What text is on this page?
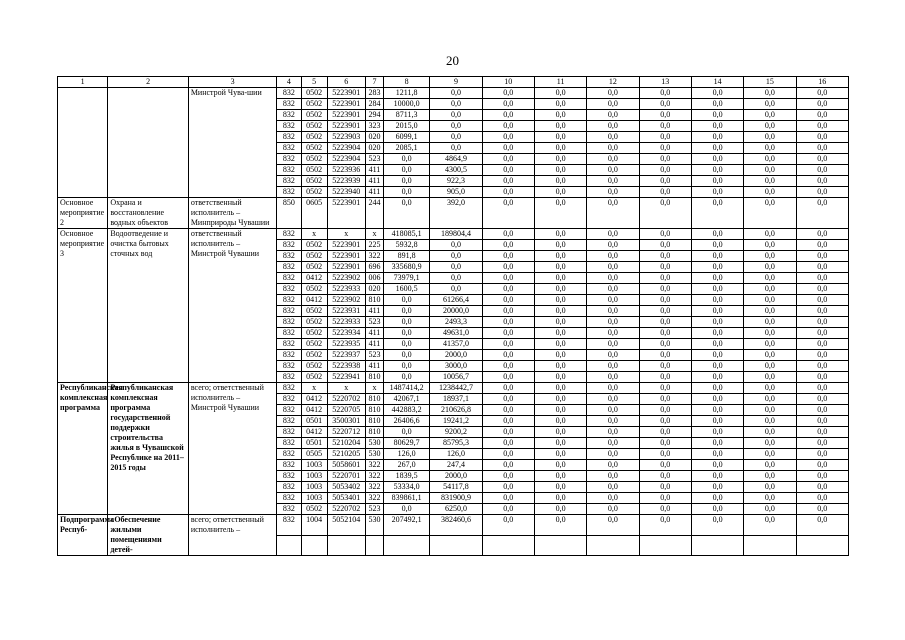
20
1	2	3	4	5	6	7	8	9	10	11	12	13	14	15	16
		Минстрой Чува-шии	832	0502	5223901	283	1211,8	0,0	0,0	0,0	0,0	0,0	0,0	0,0	0,0
			832	0502	5223901	284	10000,0	0,0	0,0	0,0	0,0	0,0	0,0	0,0	0,0
			832	0502	5223901	294	8711,3	0,0	0,0	0,0	0,0	0,0	0,0	0,0	0,0
			832	0502	5223901	323	2015,0	0,0	0,0	0,0	0,0	0,0	0,0	0,0	0,0
			832	0502	5223903	020	6099,1	0,0	0,0	0,0	0,0	0,0	0,0	0,0	0,0
			832	0502	5223904	020	2085,1	0,0	0,0	0,0	0,0	0,0	0,0	0,0	0,0
			832	0502	5223904	523	0,0	4864,9	0,0	0,0	0,0	0,0	0,0	0,0	0,0
			832	0502	5223936	411	0,0	4300,5	0,0	0,0	0,0	0,0	0,0	0,0	0,0
			832	0502	5223939	411	0,0	922,3	0,0	0,0	0,0	0,0	0,0	0,0	0,0
			832	0502	5223940	411	0,0	905,0	0,0	0,0	0,0	0,0	0,0	0,0	0,0
Основное мероприятие 2	Охрана и восстановление водных объектов	ответственный исполнитель – Минприроды Чувашии	850	0605	5223901	244	0,0	392,0	0,0	0,0	0,0	0,0	0,0	0,0	0,0
Основное мероприятие 3	Водоотведение и очистка бытовых сточных вод	ответственный исполнитель – Минстрой Чувашии	832	x	x	x	418085,1	189804,4	0,0	0,0	0,0	0,0	0,0	0,0	0,0
			832	0502	5223901	225	5932,8	0,0	0,0	0,0	0,0	0,0	0,0	0,0	0,0
			832	0502	5223901	322	891,8	0,0	0,0	0,0	0,0	0,0	0,0	0,0	0,0
			832	0502	5223901	696	335680,9	0,0	0,0	0,0	0,0	0,0	0,0	0,0	0,0
			832	0412	5223902	006	73979,1	0,0	0,0	0,0	0,0	0,0	0,0	0,0	0,0
			832	0502	5223933	020	1600,5	0,0	0,0	0,0	0,0	0,0	0,0	0,0	0,0
			832	0412	5223902	810	0,0	61266,4	0,0	0,0	0,0	0,0	0,0	0,0	0,0
			832	0502	5223931	411	0,0	20000,0	0,0	0,0	0,0	0,0	0,0	0,0	0,0
			832	0502	5223933	523	0,0	2493,3	0,0	0,0	0,0	0,0	0,0	0,0	0,0
			832	0502	5223934	411	0,0	49631,0	0,0	0,0	0,0	0,0	0,0	0,0	0,0
			832	0502	5223935	411	0,0	41357,0	0,0	0,0	0,0	0,0	0,0	0,0	0,0
			832	0502	5223937	523	0,0	2000,0	0,0	0,0	0,0	0,0	0,0	0,0	0,0
			832	0502	5223938	411	0,0	3000,0	0,0	0,0	0,0	0,0	0,0	0,0	0,0
			832	0502	5223941	810	0,0	10056,7	0,0	0,0	0,0	0,0	0,0	0,0	0,0
Республиканская комплексная программа	Республиканская комплексная программа государственной поддержки строительства жилья в Чувашской Республике на 2011–2015 годы	всего; ответственный исполнитель – Минстрой Чувашии	832	x	x	x	1487414,2	1238442,7	0,0	0,0	0,0	0,0	0,0	0,0	0,0
			832	0412	5220702	810	42067,1	18937,1	0,0	0,0	0,0	0,0	0,0	0,0	0,0
			832	0412	5220705	810	442883,2	210626,8	0,0	0,0	0,0	0,0	0,0	0,0	0,0
			832	0501	3500301	810	26406,6	19241,2	0,0	0,0	0,0	0,0	0,0	0,0	0,0
			832	0412	5220712	810	0,0	9200,2	0,0	0,0	0,0	0,0	0,0	0,0	0,0
			832	0501	5210204	530	80629,7	85795,3	0,0	0,0	0,0	0,0	0,0	0,0	0,0
			832	0505	5210205	530	126,0	126,0	0,0	0,0	0,0	0,0	0,0	0,0	0,0
			832	1003	5058601	322	267,0	247,4	0,0	0,0	0,0	0,0	0,0	0,0	0,0
			832	1003	5220701	322	1839,5	2000,0	0,0	0,0	0,0	0,0	0,0	0,0	0,0
			832	1003	5053402	322	53334,0	54117,8	0,0	0,0	0,0	0,0	0,0	0,0	0,0
			832	1003	5053401	322	839861,1	831900,9	0,0	0,0	0,0	0,0	0,0	0,0	0,0
			832	0502	5220702	523	0,0	6250,0	0,0	0,0	0,0	0,0	0,0	0,0	0,0
Подпрограмма Респуб-	«Обеспечение жилыми помещениями детей-	всего; ответственный исполнитель –	832	1004	5052104	530	207492,1	382460,6	0,0	0,0	0,0	0,0	0,0	0,0	0,0
